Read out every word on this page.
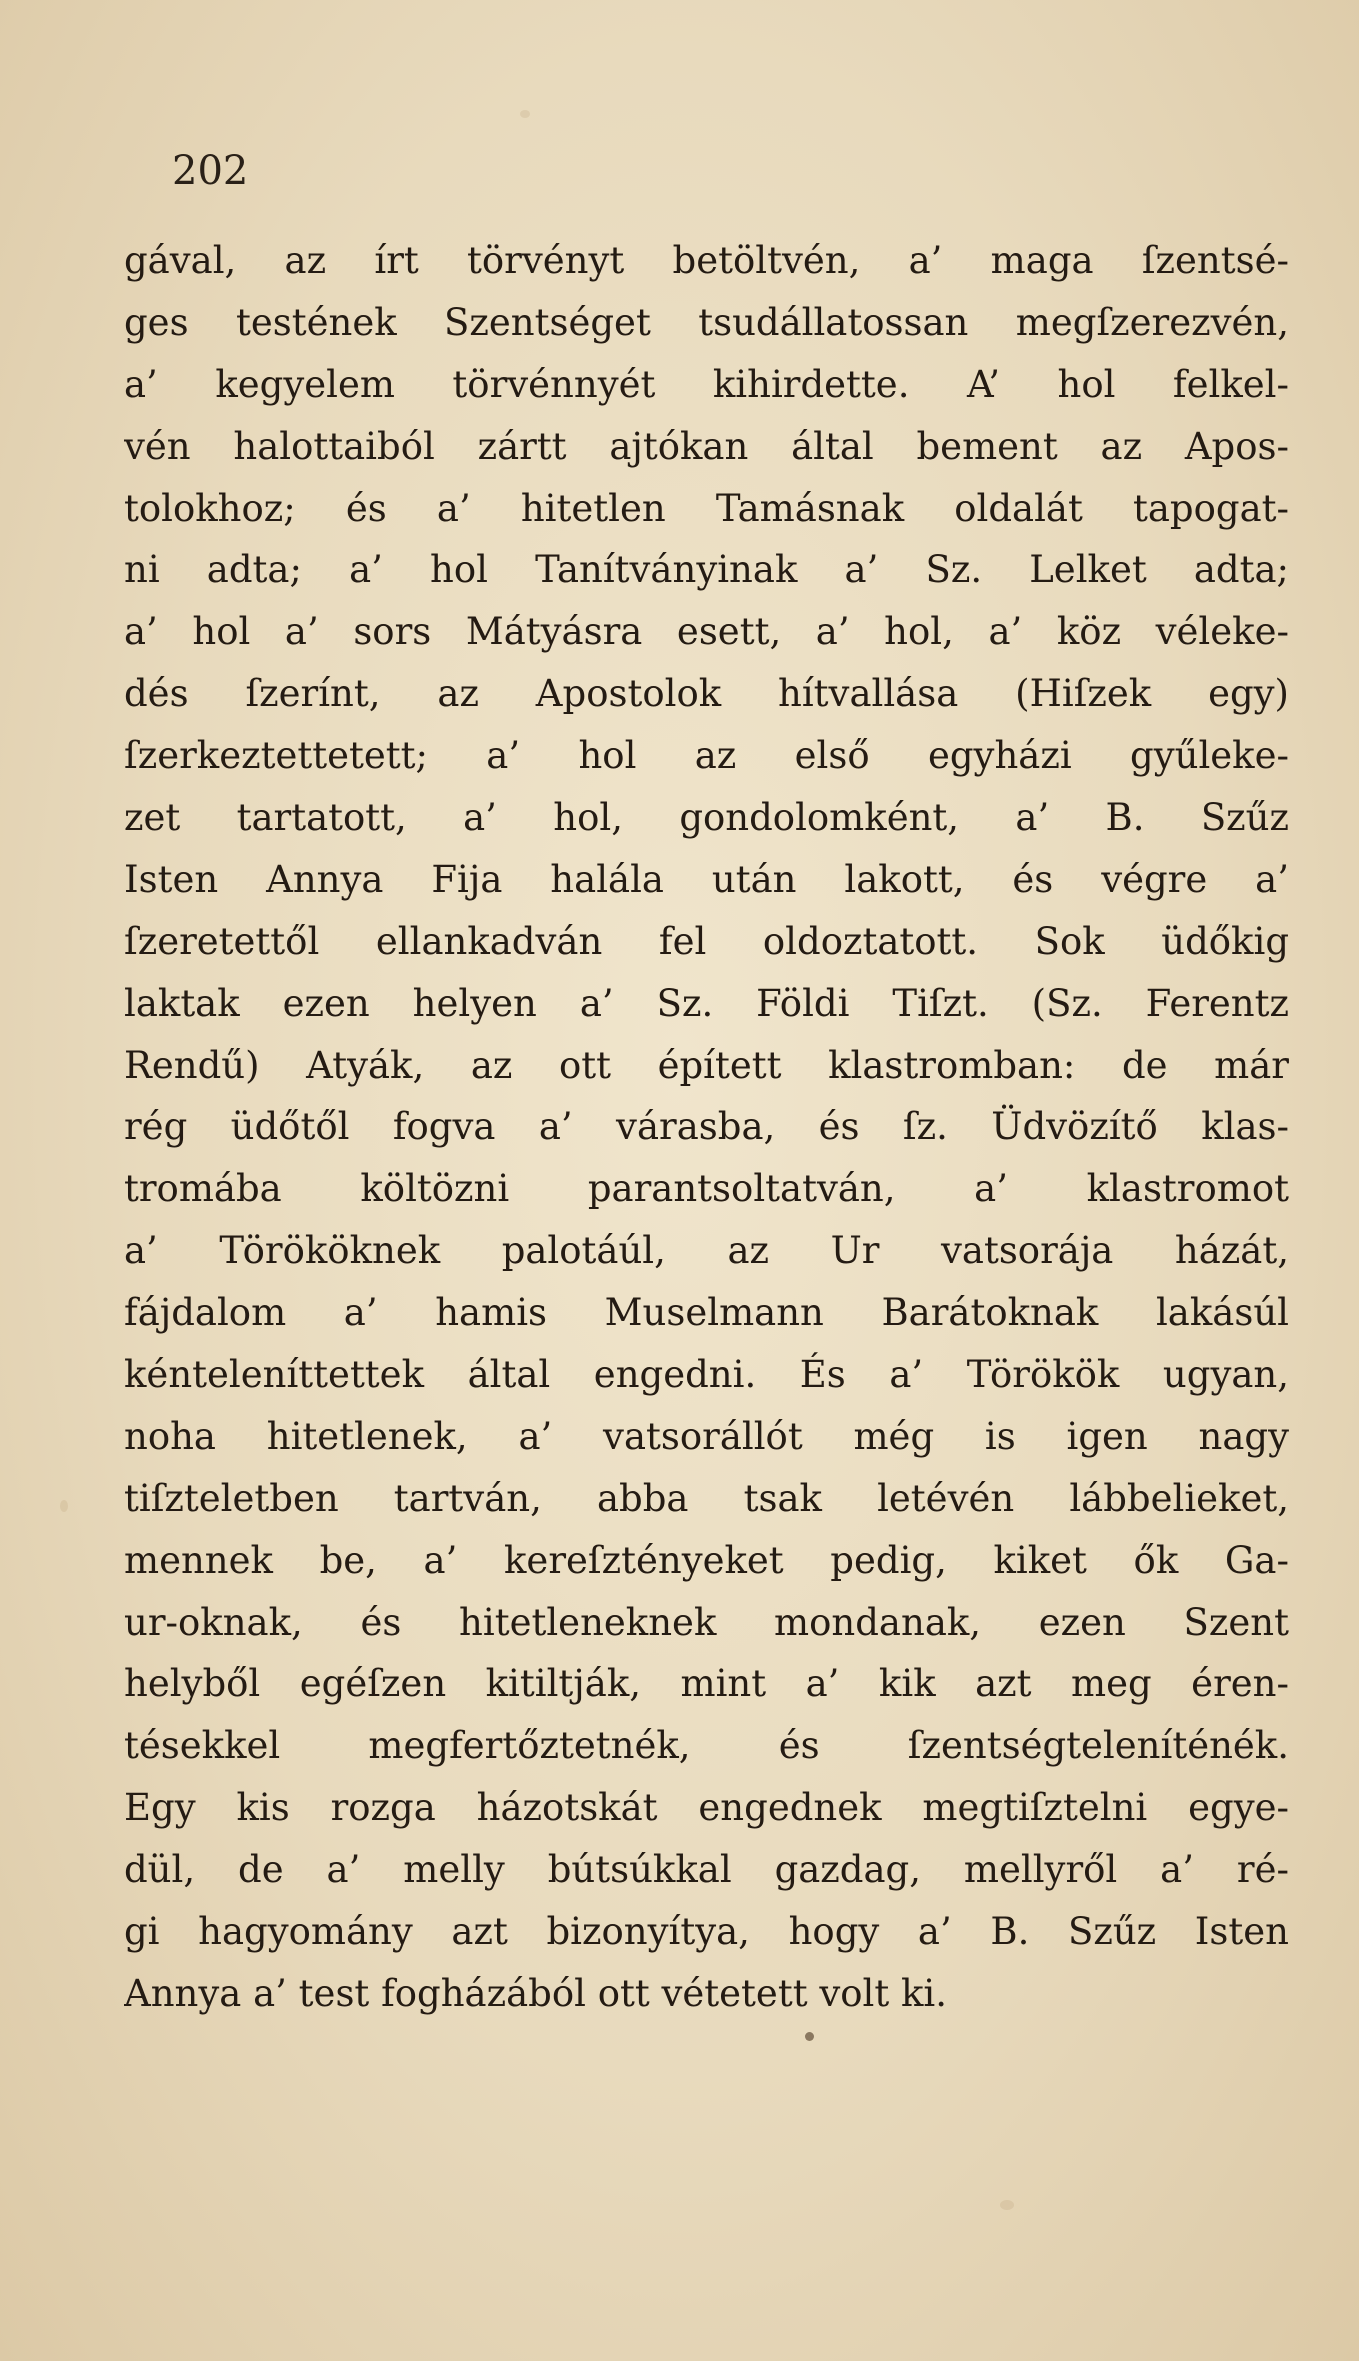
202

gával, az írt törvényt betöltvén, a’ maga ſzentsé-
ges testének Szentséget tsudállatossan megſzerezvén,
a’ kegyelem törvénnyét kihirdette. A’ hol felkel-
vén halottaiból zártt ajtókan által bement az Apos-
tolokhoz; és a’ hitetlen Tamásnak oldalát tapogat-
ni adta; a’ hol Tanítványinak a’ Sz. Lelket adta;
a’ hol a’ sors Mátyásra esett, a’ hol, a’ köz véleke-
dés ſzerínt, az Apostolok hítvallása (Hiſzek egy)
ſzerkeztettetett; a’ hol az első egyházi gyűleke-
zet tartatott, a’ hol, gondolomként, a’ B. Szűz
Isten Annya Fija halála után lakott, és végre a’
ſzeretettől ellankadván fel oldoztatott. Sok üdőkig
laktak ezen helyen a’ Sz. Földi Tiſzt. (Sz. Ferentz
Rendű) Atyák, az ott épített klastromban: de már
rég üdőtől fogva a’ várasba, és ſz. Üdvözítő klas-
tromába költözni parantsoltatván, a’ klastromot
a’ Törököknek palotáúl, az Ur vatsorája házát,
fájdalom a’ hamis Muselmann Barátoknak lakásúl
kénteleníttettek által engedni. És a’ Törökök ugyan,
noha hitetlenek, a’ vatsorállót még is igen nagy
tiſzteletben tartván, abba tsak letévén lábbelieket,
mennek be, a’ kereſztényeket pedig, kiket ők Ga-
ur-oknak, és hitetleneknek mondanak, ezen Szent
helyből egéſzen kitiltják, mint a’ kik azt meg éren-
tésekkel megfertőztetnék, és ſzentségteleníténék.
Egy kis rozga házotskát engednek megtiſztelni egye-
dül, de a’ melly bútsúkkal gazdag, mellyről a’ ré-
gi hagyomány azt bizonyítya, hogy a’ B. Szűz Isten
Annya a’ test fogházából ott vétetett volt ki.
